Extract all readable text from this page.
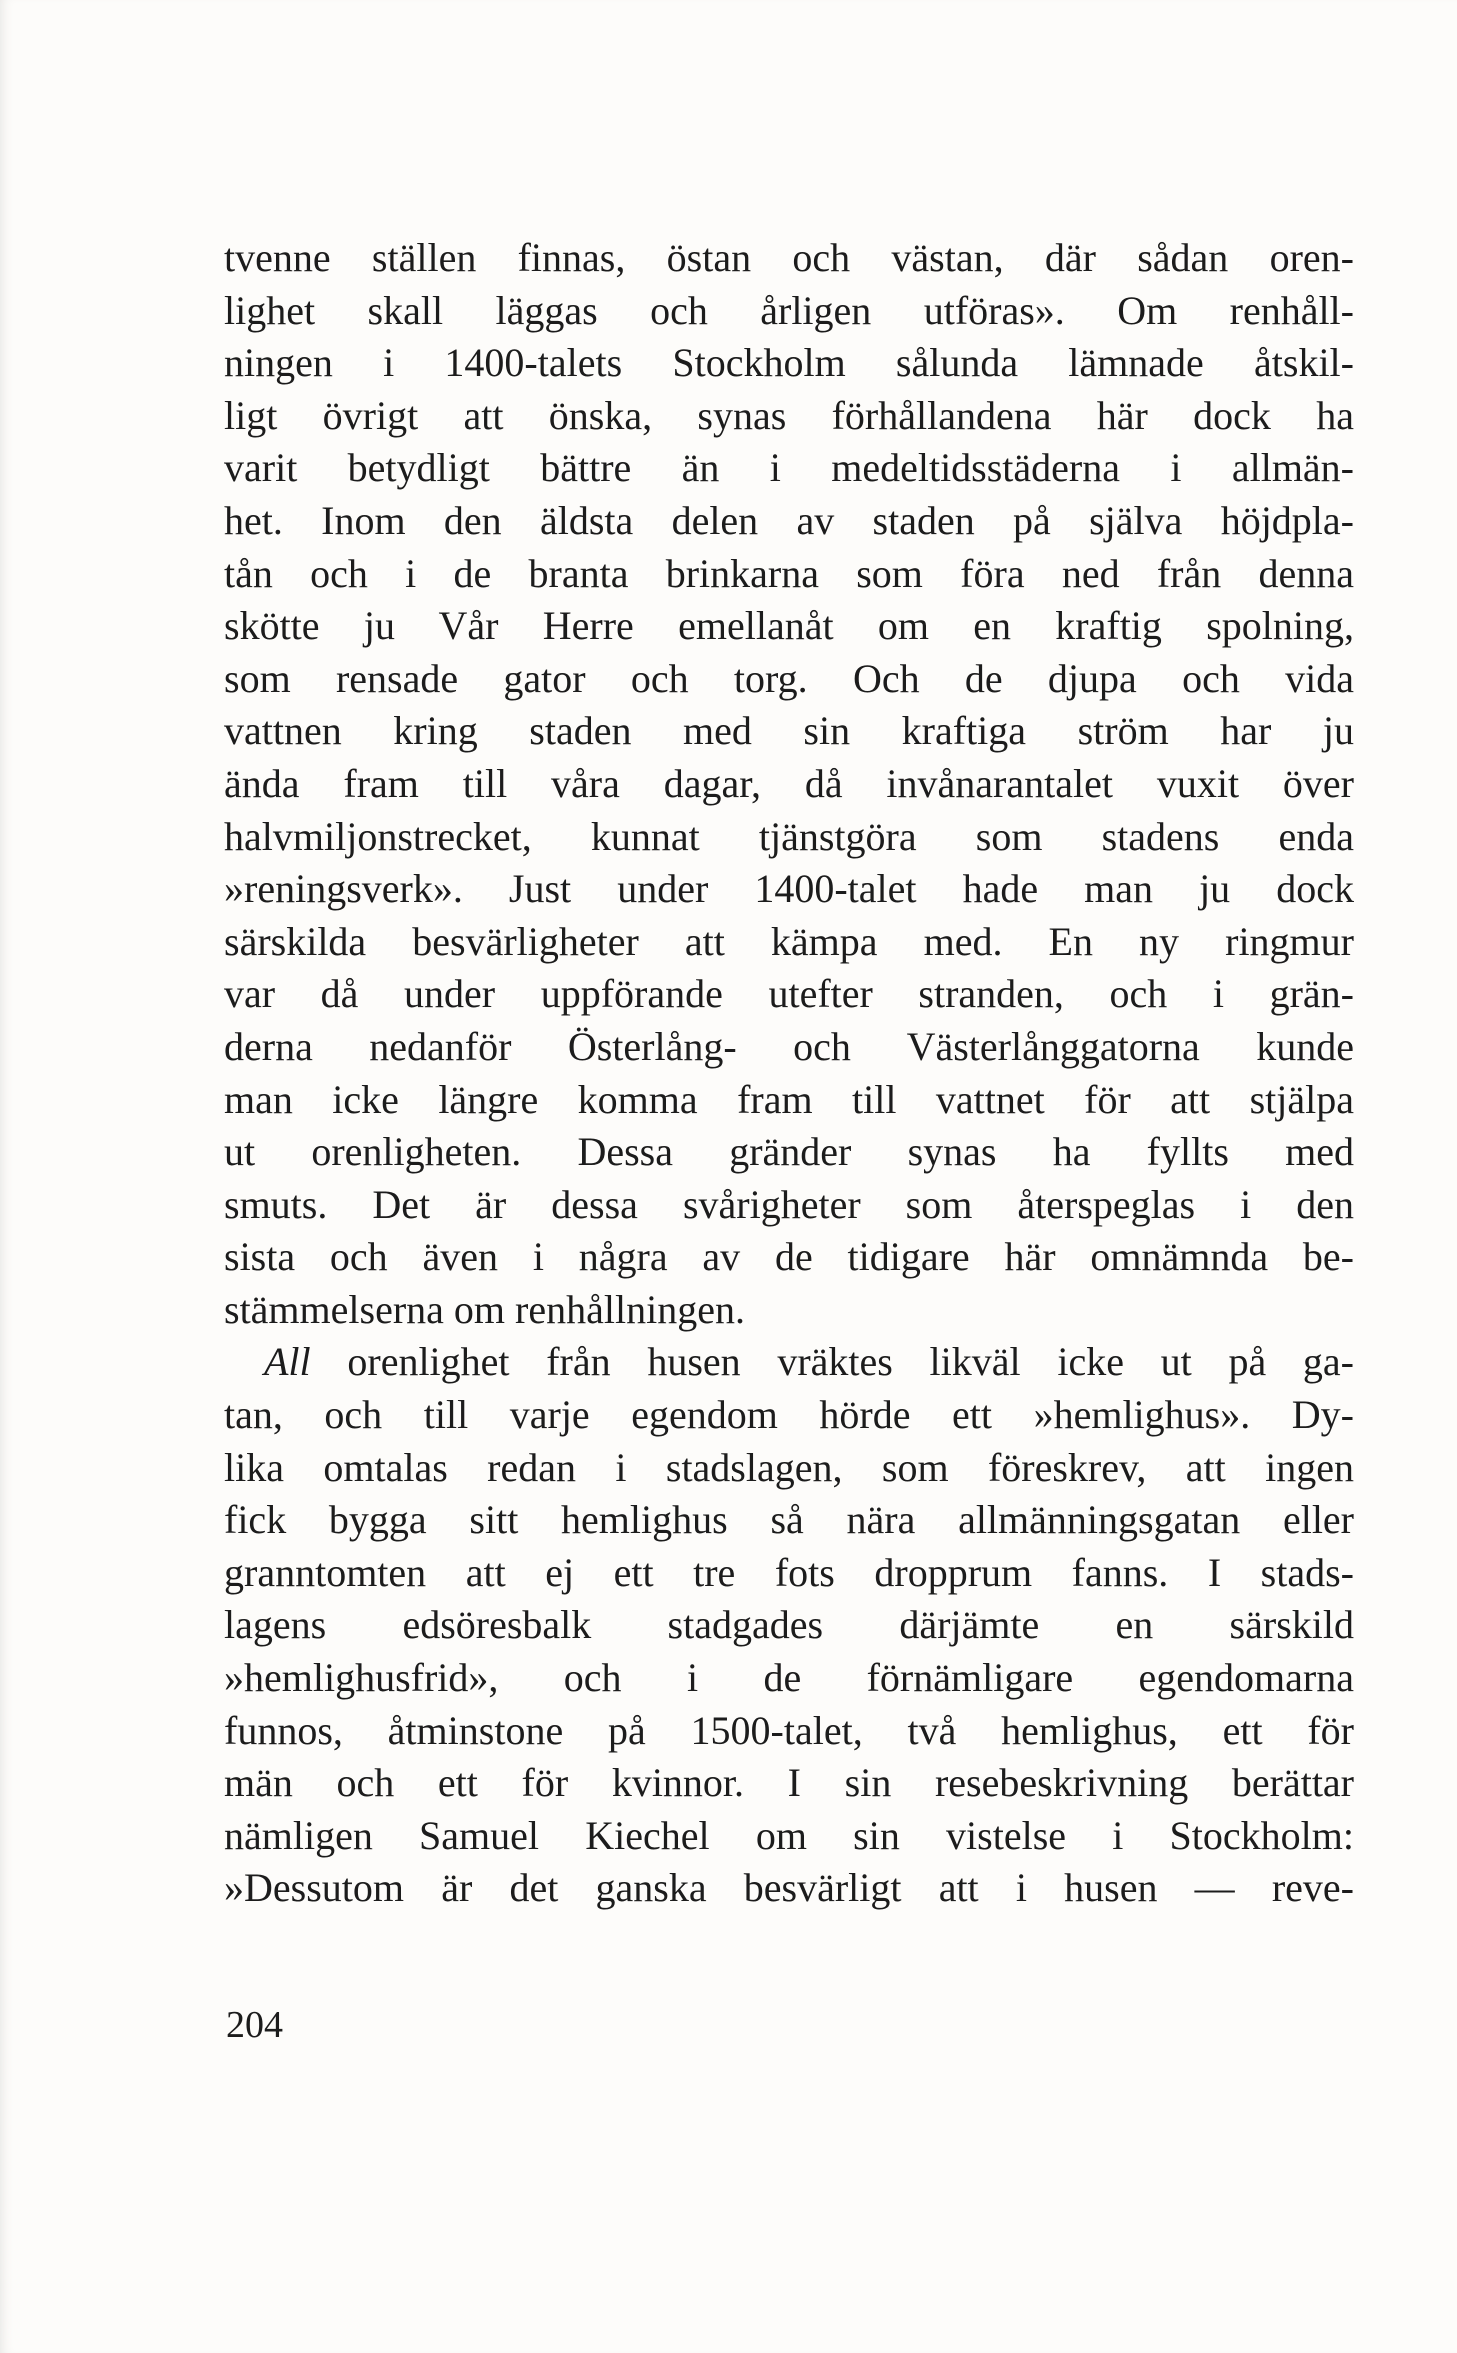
tvenne ställen finnas, östan och västan, där sådan oren-
lighet skall läggas och årligen utföras». Om renhåll-
ningen i 1400-talets Stockholm sålunda lämnade åtskil-
ligt övrigt att önska, synas förhållandena här dock ha
varit betydligt bättre än i medeltidsstäderna i allmän-
het. Inom den äldsta delen av staden på själva höjdpla-
tån och i de branta brinkarna som föra ned från denna
skötte ju Vår Herre emellanåt om en kraftig spolning,
som rensade gator och torg. Och de djupa och vida
vattnen kring staden med sin kraftiga ström har ju
ända fram till våra dagar, då invånarantalet vuxit över
halvmiljonstrecket, kunnat tjänstgöra som stadens enda
»reningsverk». Just under 1400-talet hade man ju dock
särskilda besvärligheter att kämpa med. En ny ringmur
var då under uppförande utefter stranden, och i grän-
derna nedanför Österlång- och Västerlånggatorna kunde
man icke längre komma fram till vattnet för att stjälpa
ut orenligheten. Dessa gränder synas ha fyllts med
smuts. Det är dessa svårigheter som återspeglas i den
sista och även i några av de tidigare här omnämnda be-
stämmelserna om renhållningen.
All orenlighet från husen vräktes likväl icke ut på ga-
tan, och till varje egendom hörde ett »hemlighus». Dy-
lika omtalas redan i stadslagen, som föreskrev, att ingen
fick bygga sitt hemlighus så nära allmänningsgatan eller
granntomten att ej ett tre fots dropprum fanns. I stads-
lagens edsöresbalk stadgades därjämte en särskild
»hemlighusfrid», och i de förnämligare egendomarna
funnos, åtminstone på 1500-talet, två hemlighus, ett för
män och ett för kvinnor. I sin resebeskrivning berättar
nämligen Samuel Kiechel om sin vistelse i Stockholm:
»Dessutom är det ganska besvärligt att i husen — reve-
204
